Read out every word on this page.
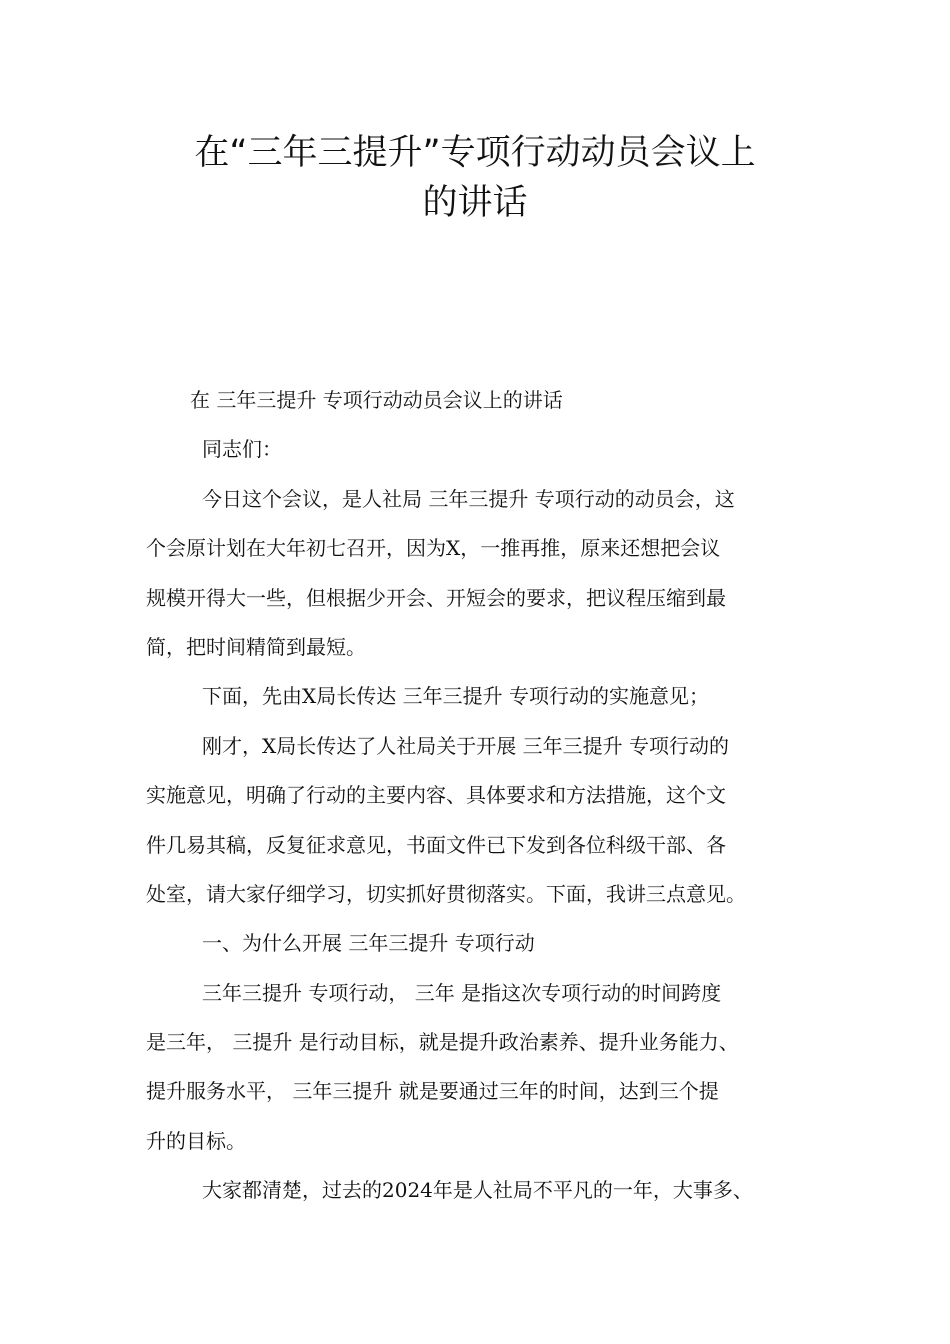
在“三年三提升”专项行动动员会议上
的讲话
在 三年三提升 专项行动动员会议上的讲话
同志们：
今日这个会议，是人社局 三年三提升 专项行动的动员会，这
个会原计划在大年初七召开，因为X，一推再推，原来还想把会议
规模开得大一些，但根据少开会、开短会的要求，把议程压缩到最
简，把时间精简到最短。
下面，先由X局长传达 三年三提升 专项行动的实施意见；
刚才，X局长传达了人社局关于开展 三年三提升 专项行动的
实施意见，明确了行动的主要内容、具体要求和方法措施，这个文
件几易其稿，反复征求意见，书面文件已下发到各位科级干部、各
处室，请大家仔细学习，切实抓好贯彻落实。下面，我讲三点意见。
一、为什么开展 三年三提升 专项行动
三年三提升 专项行动， 三年 是指这次专项行动的时间跨度
是三年， 三提升 是行动目标，就是提升政治素养、提升业务能力、
提升服务水平， 三年三提升 就是要通过三年的时间，达到三个提
升的目标。
大家都清楚，过去的2024年是人社局不平凡的一年，大事多、
